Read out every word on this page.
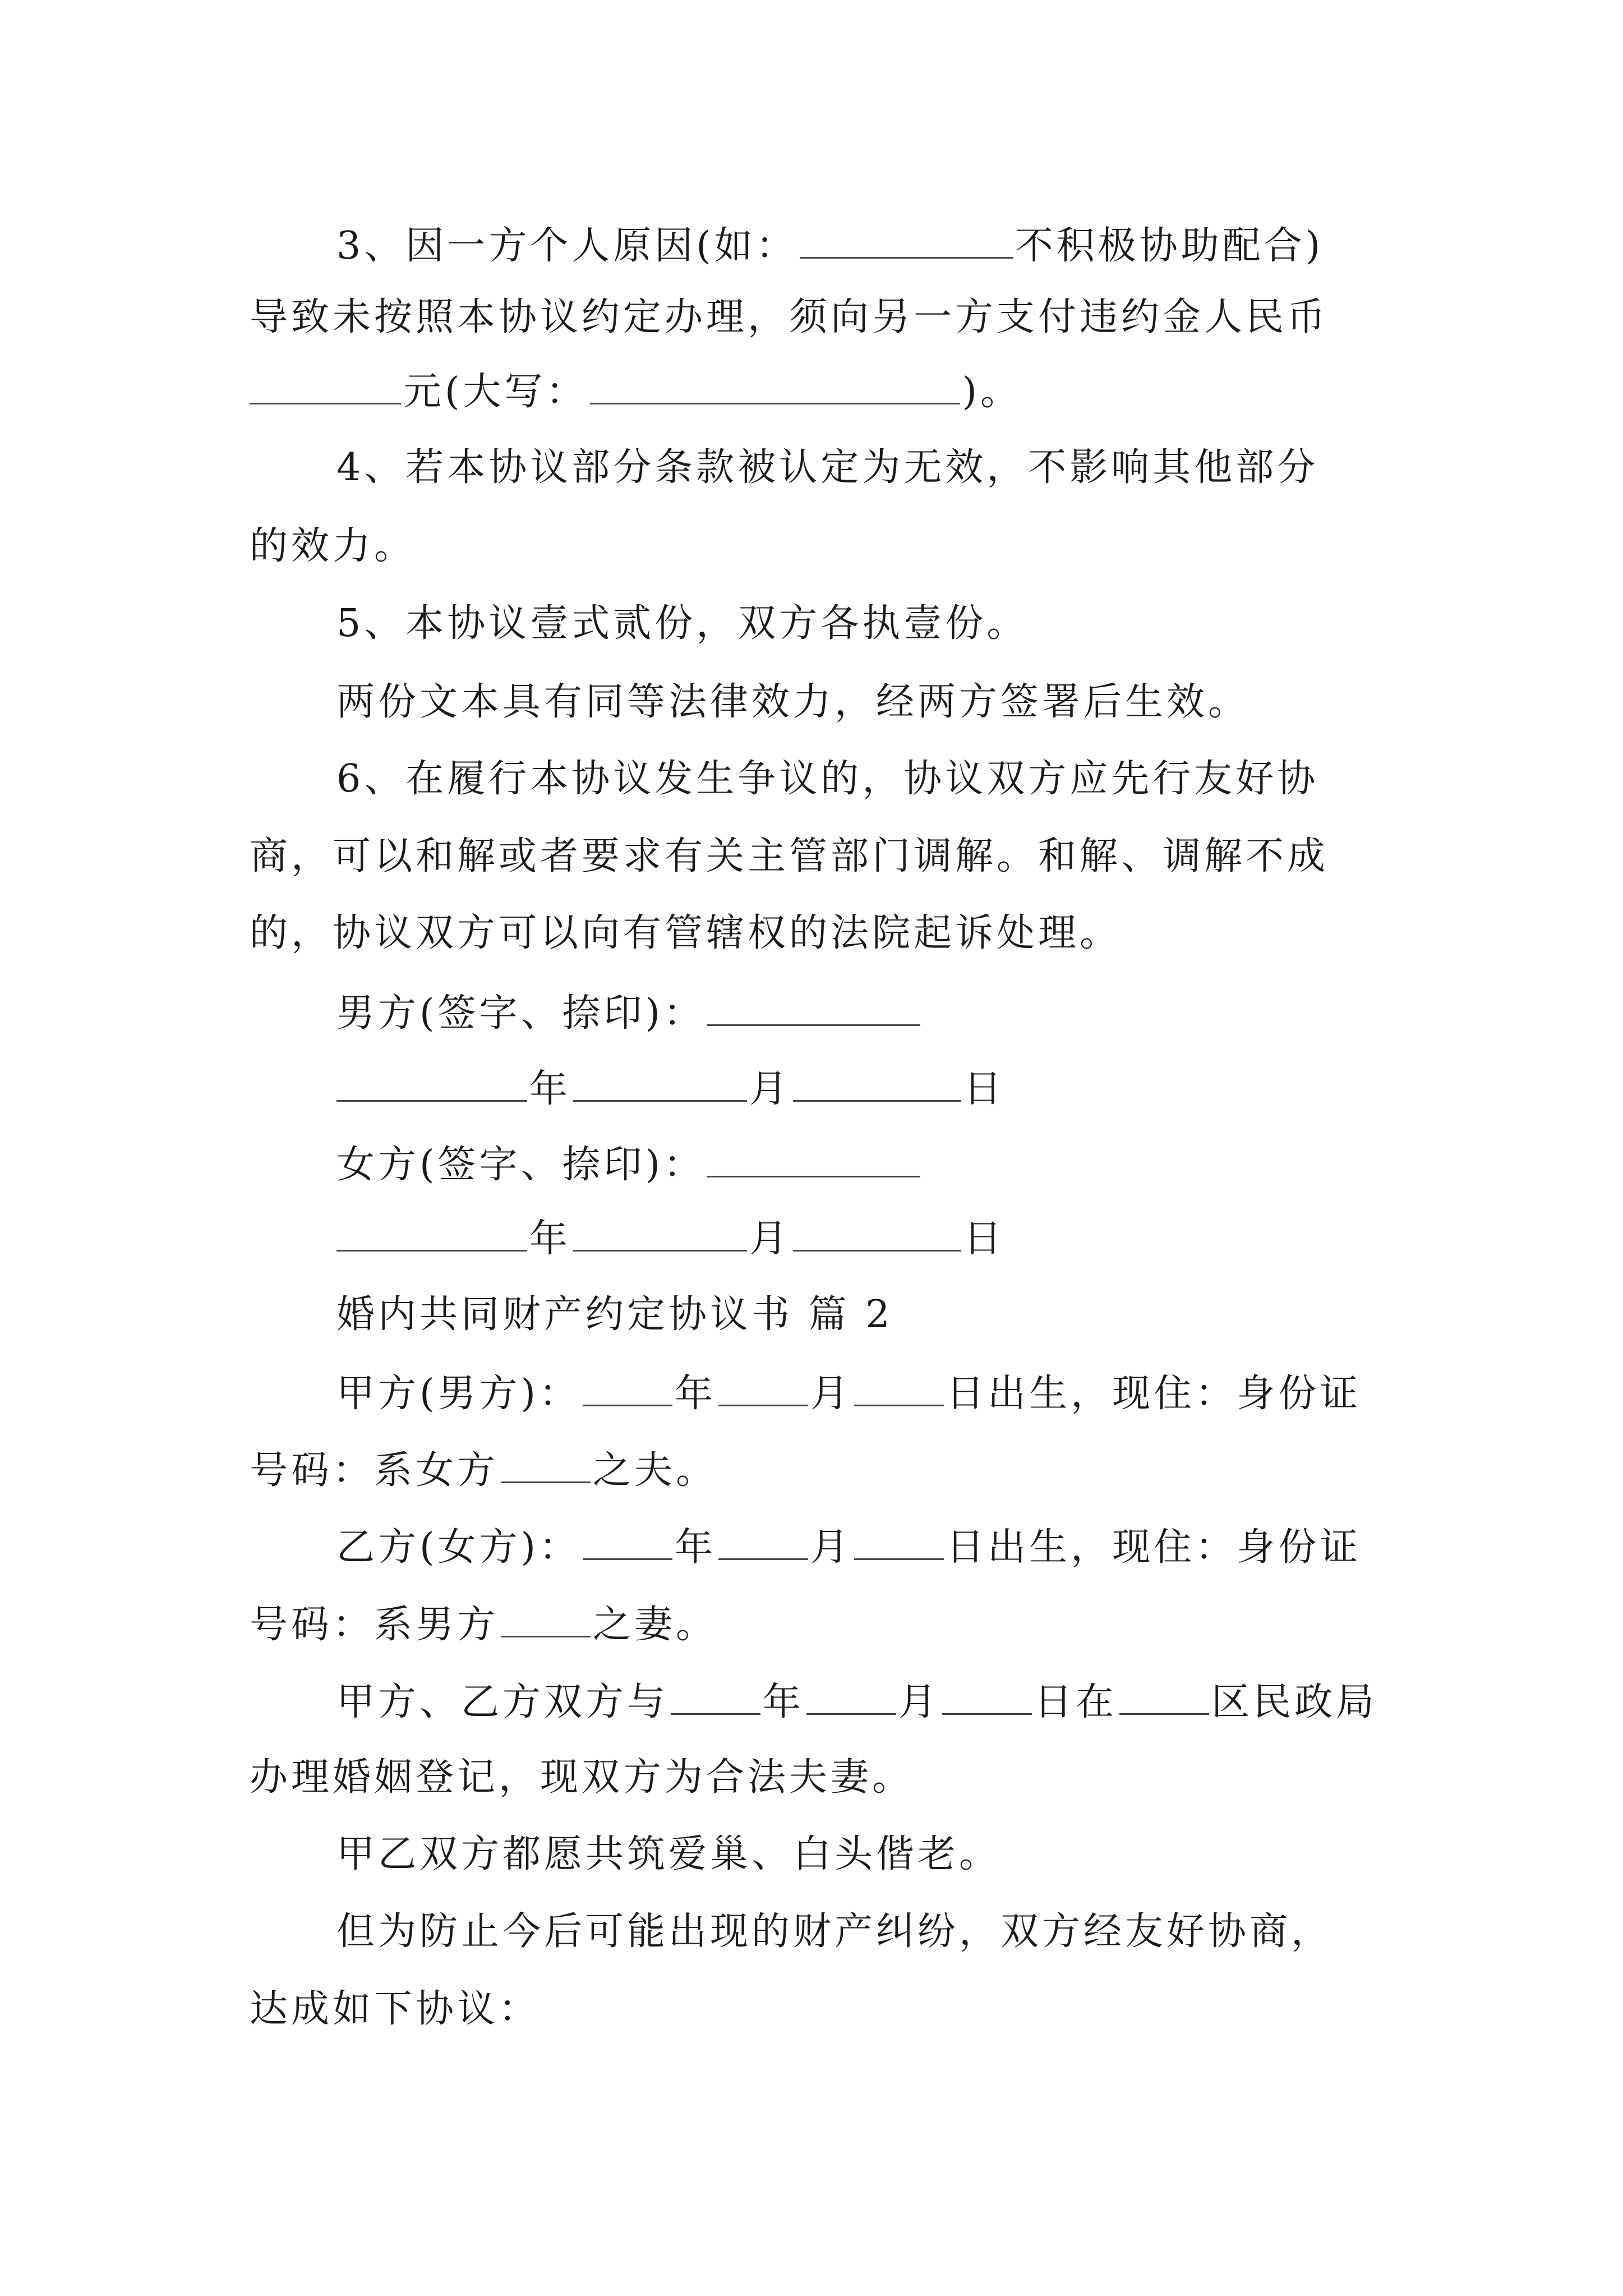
3、因一方个人原因(如：	不积极协助配合)
导致未按照本协议约定办理，须向另一方支付违约金人民币
元(大写：	)。
4、若本协议部分条款被认定为无效，不影响其他部分
的效力。
5、本协议壹式贰份，双方各执壹份。
两份文本具有同等法律效力，经两方签署后生效。
6、在履行本协议发生争议的，协议双方应先行友好协
商，可以和解或者要求有关主管部门调解。和解、调解不成
的，协议双方可以向有管辖权的法院起诉处理。
男方(签字、捺印)：
年	月	日
女方(签字、捺印)：
年	月	日
婚内共同财产约定协议书 篇 2
甲方(男方)： 年 月 日出生，现住：身份证
号码：系女方 之夫。
乙方(女方)： 年 月 日出生，现住：身份证
号码：系男方 之妻。
甲方、乙方双方与 年 月 日在 区民政局
办理婚姻登记，现双方为合法夫妻。
甲乙双方都愿共筑爱巢、白头偕老。
但为防止今后可能出现的财产纠纷，双方经友好协商，
达成如下协议：
